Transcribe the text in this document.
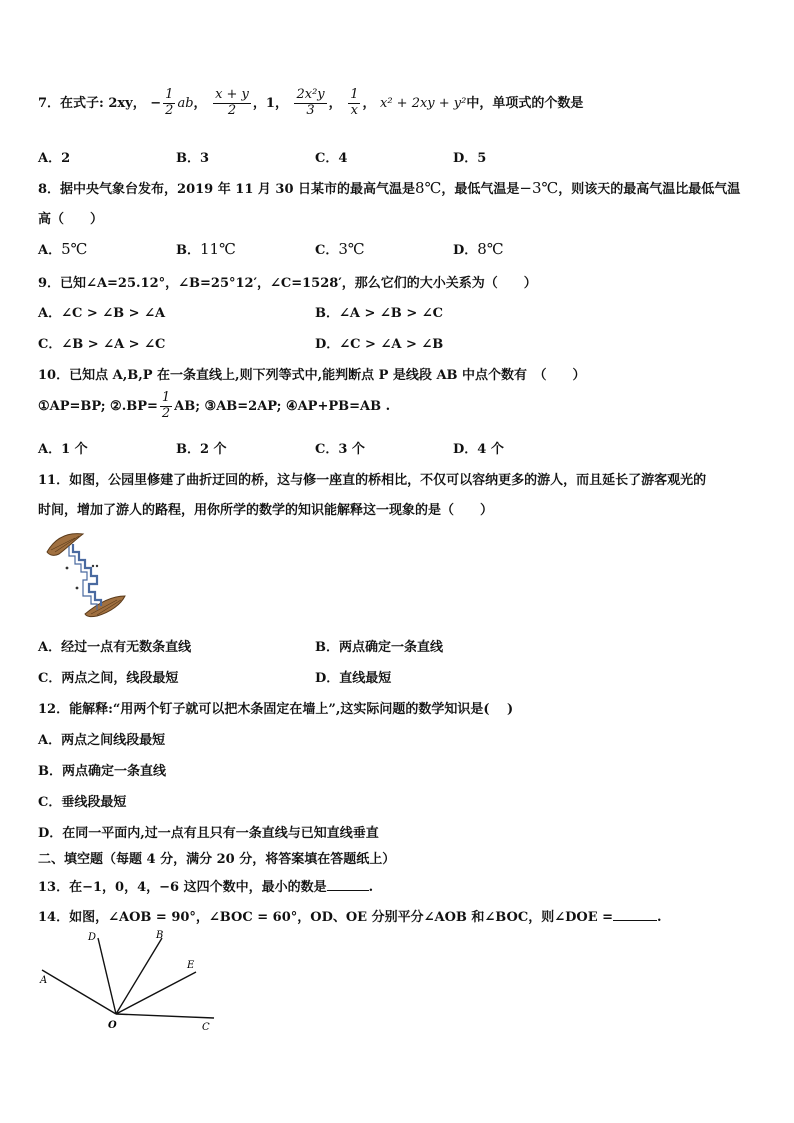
7．在式子: 2xy， − $\frac{1}{2}$ ab， $\frac{x + y}{2}$ ，1， $\frac{\text{2x²y}}{3}$ ， $\frac{1}{x}$ ， x² + 2xy + y²中，单项式的个数是
A．2	B．3	C．4	D．5
8．据中央气象台发布，2019 年 11 月 30 日某市的最高气温是8℃，最低气温是−3℃，则该天的最高气温比最低气温
高（　　）
A．5℃	B．11℃	C．3℃	D．8℃
9．已知∠A=25.12°，∠B=25°12′，∠C=1528′，那么它们的大小关系为（　　）
A．∠C > ∠B > ∠A	B．∠A > ∠B > ∠C
C．∠B > ∠A > ∠C	D．∠C > ∠A > ∠B
10．已知点 A,B,P 在一条直线上,则下列等式中,能判断点 P 是线段 AB 中点个数有　（　　）
①AP=BP; ②.BP= $\frac{1}{2}$ AB; ③AB=2AP; ④AP+PB=AB .
A．1 个	B．2 个	C．3 个	D．4 个
11．如图，公园里修建了曲折迂回的桥，这与修一座直的桥相比，不仅可以容纳更多的游人，而且延长了游客观光的
时间，增加了游人的路程，用你所学的数学的知识能解释这一现象的是（　　）
A．经过一点有无数条直线	B．两点确定一条直线
C．两点之间，线段最短	D．直线最短
12．能解释:“用两个钉子就可以把木条固定在墙上”,这实际问题的数学知识是(　 )
A．两点之间线段最短
B．两点确定一条直线
C．垂线段最短
D．在同一平面内,过一点有且只有一条直线与已知直线垂直
二、填空题（每题 4 分，满分 20 分，将答案填在答题纸上）
13．在−1，0，4，−6 这四个数中，最小的数是	.
14．如图，∠AOB = 90°，∠BOC = 60°，OD、OE 分别平分∠AOB 和∠BOC，则∠DOE =	.
A
D	B
E
C
O
